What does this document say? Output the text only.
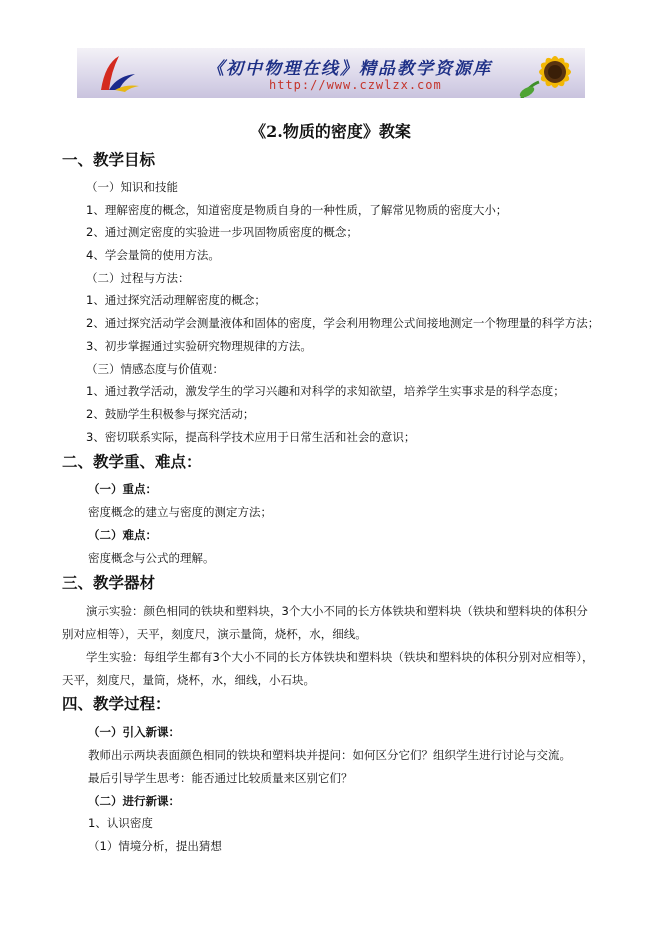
《初中物理在线》精品教学资源库
http://www.czwlzx.com
《2.物质的密度》教案
一、教学目标
（一）知识和技能
1、理解密度的概念，知道密度是物质自身的一种性质，了解常见物质的密度大小；
2、通过测定密度的实验进一步巩固物质密度的概念；
4、学会量筒的使用方法。
（二）过程与方法：
1、通过探究活动理解密度的概念；
2、通过探究活动学会测量液体和固体的密度，学会利用物理公式间接地测定一个物理量的科学方法；
3、初步掌握通过实验研究物理规律的方法。
（三）情感态度与价值观：
1、通过教学活动，激发学生的学习兴趣和对科学的求知欲望，培养学生实事求是的科学态度；
2、鼓励学生积极参与探究活动；
3、密切联系实际，提高科学技术应用于日常生活和社会的意识；
二、教学重、难点：
（一）重点：
密度概念的建立与密度的测定方法；
（二）难点：
密度概念与公式的理解。
三、教学器材
演示实验：颜色相同的铁块和塑料块，3个大小不同的长方体铁块和塑料块（铁块和塑料块的体积分
别对应相等），天平，刻度尺，演示量筒，烧杯，水，细线。
学生实验：每组学生都有3个大小不同的长方体铁块和塑料块（铁块和塑料块的体积分别对应相等），
天平，刻度尺，量筒，烧杯，水，细线，小石块。
四、教学过程：
（一）引入新课：
教师出示两块表面颜色相同的铁块和塑料块并提问：如何区分它们？组织学生进行讨论与交流。
最后引导学生思考：能否通过比较质量来区别它们？
（二）进行新课：
1、认识密度
（1）情境分析，提出猜想
